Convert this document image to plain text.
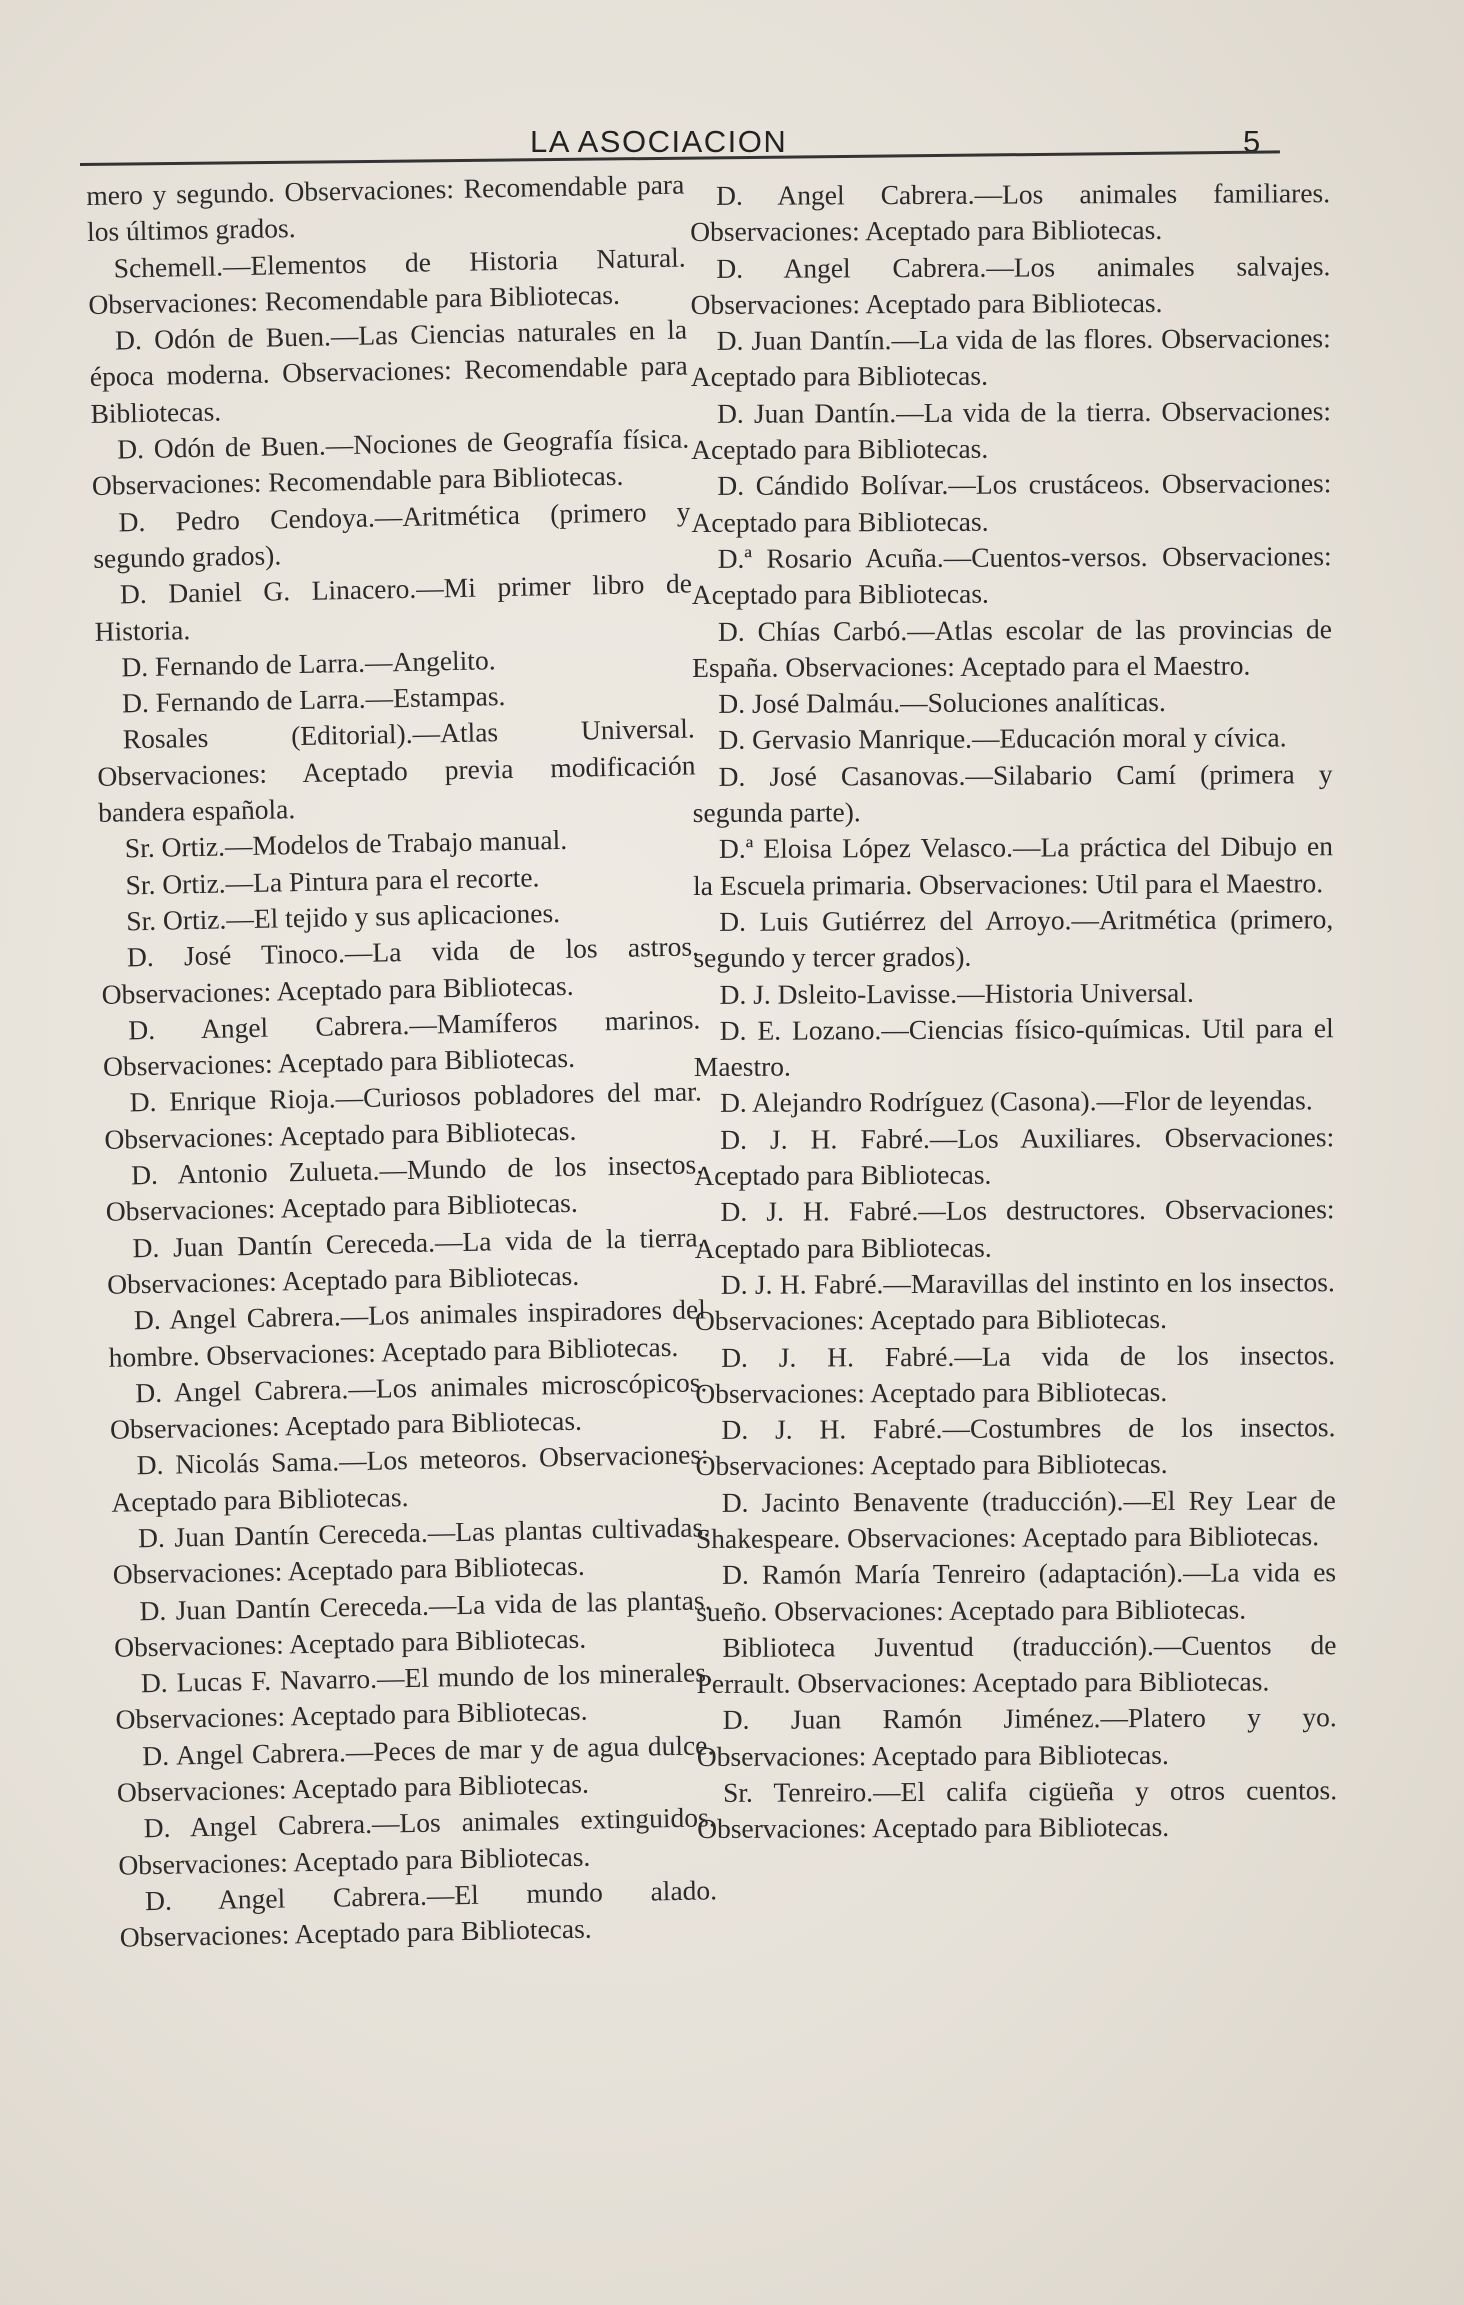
LA ASOCIACION	5

mero y segundo. Observaciones: Recomendable para los últimos grados.

Schemell.—Elementos de Historia Natural. Observaciones: Recomendable para Bibliotecas.

D. Odón de Buen.—Las Ciencias naturales en la época moderna. Observaciones: Recomendable para Bibliotecas.

D. Odón de Buen.—Nociones de Geografía física. Observaciones: Recomendable para Bibliotecas.

D. Pedro Cendoya.—Aritmética (primero y segundo grados).

D. Daniel G. Linacero.—Mi primer libro de Historia.

D. Fernando de Larra.—Angelito.

D. Fernando de Larra.—Estampas.

Rosales (Editorial).—Atlas Universal. Observaciones: Aceptado previa modificación bandera española.

Sr. Ortiz.—Modelos de Trabajo manual.

Sr. Ortiz.—La Pintura para el recorte.

Sr. Ortiz.—El tejido y sus aplicaciones.

D. José Tinoco.—La vida de los astros. Observaciones: Aceptado para Bibliotecas.

D. Angel Cabrera.—Mamíferos marinos. Observaciones: Aceptado para Bibliotecas.

D. Enrique Rioja.—Curiosos pobladores del mar. Observaciones: Aceptado para Bibliotecas.

D. Antonio Zulueta.—Mundo de los insectos. Observaciones: Aceptado para Bibliotecas.

D. Juan Dantín Cereceda.—La vida de la tierra. Observaciones: Aceptado para Bibliotecas.

D. Angel Cabrera.—Los animales inspiradores del hombre. Observaciones: Aceptado para Bibliotecas.

D. Angel Cabrera.—Los animales microscópicos. Observaciones: Aceptado para Bibliotecas.

D. Nicolás Sama.—Los meteoros. Observaciones: Aceptado para Bibliotecas.

D. Juan Dantín Cereceda.—Las plantas cultivadas. Observaciones: Aceptado para Bibliotecas.

D. Juan Dantín Cereceda.—La vida de las plantas. Observaciones: Aceptado para Bibliotecas.

D. Lucas F. Navarro.—El mundo de los minerales. Observaciones: Aceptado para Bibliotecas.

D. Angel Cabrera.—Peces de mar y de agua dulce. Observaciones: Aceptado para Bibliotecas.

D. Angel Cabrera.—Los animales extinguidos. Observaciones: Aceptado para Bibliotecas.

D. Angel Cabrera.—El mundo alado. Observaciones: Aceptado para Bibliotecas.

D. Angel Cabrera.—Los animales familiares. Observaciones: Aceptado para Bibliotecas.

D. Angel Cabrera.—Los animales salvajes. Observaciones: Aceptado para Bibliotecas.

D. Juan Dantín.—La vida de las flores. Observaciones: Aceptado para Bibliotecas.

D. Juan Dantín.—La vida de la tierra. Observaciones: Aceptado para Bibliotecas.

D. Cándido Bolívar.—Los crustáceos. Observaciones: Aceptado para Bibliotecas.

D.ª Rosario Acuña.—Cuentos-versos. Observaciones: Aceptado para Bibliotecas.

D. Chías Carbó.—Atlas escolar de las provincias de España. Observaciones: Aceptado para el Maestro.

D. José Dalmáu.—Soluciones analíticas.

D. Gervasio Manrique.—Educación moral y cívica.

D. José Casanovas.—Silabario Camí (primera y segunda parte).

D.ª Eloisa López Velasco.—La práctica del Dibujo en la Escuela primaria. Observaciones: Util para el Maestro.

D. Luis Gutiérrez del Arroyo.—Aritmética (primero, segundo y tercer grados).

D. J. Dsleito-Lavisse.—Historia Universal.

D. E. Lozano.—Ciencias físico-químicas. Util para el Maestro.

D. Alejandro Rodríguez (Casona).—Flor de leyendas.

D. J. H. Fabré.—Los Auxiliares. Observaciones: Aceptado para Bibliotecas.

D. J. H. Fabré.—Los destructores. Observaciones: Aceptado para Bibliotecas.

D. J. H. Fabré.—Maravillas del instinto en los insectos. Observaciones: Aceptado para Bibliotecas.

D. J. H. Fabré.—La vida de los insectos. Observaciones: Aceptado para Bibliotecas.

D. J. H. Fabré.—Costumbres de los insectos. Observaciones: Aceptado para Bibliotecas.

D. Jacinto Benavente (traducción).—El Rey Lear de Shakespeare. Observaciones: Aceptado para Bibliotecas.

D. Ramón María Tenreiro (adaptación).—La vida es sueño. Observaciones: Aceptado para Bibliotecas.

Biblioteca Juventud (traducción).—Cuentos de Perrault. Observaciones: Aceptado para Bibliotecas.

D. Juan Ramón Jiménez.—Platero y yo. Observaciones: Aceptado para Bibliotecas.

Sr. Tenreiro.—El califa cigüeña y otros cuentos. Observaciones: Aceptado para Bibliotecas.
